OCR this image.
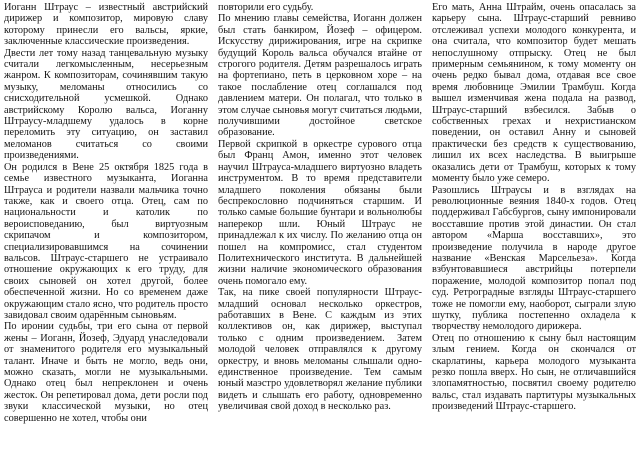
Иоганн Штраус – известный австрийский дирижер и композитор, мировую славу которому принесли его вальсы, яркие, заключенные классические произведения.

Двести лет тому назад танцевальную музыку считали легкомысленным, несерьезным жанром. К композиторам, сочинявшим такую музыку, меломаны относились со снисходительной усмешкой. Однако австрийскому Королю вальса, Иоганну Штраусу-младшему удалось в корне переломить эту ситуацию, он заставил меломанов считаться со своими произведениями.

Он родился в Вене 25 октября 1825 года в семье известного музыканта, Иоганна Штрауса и родители назвали мальчика точно также, как и своего отца. Отец, сам по национальности и католик по вероисповеданию, был виртуозным скрипачом и композитором, специализировавшимся на сочинении вальсов. Штраус-старшего не устраивало отношение окружающих к его труду, для своих сыновей он хотел другой, более обеспеченной жизни. Но со временем даже окружающим стало ясно, что родитель просто завидовал своим одарённым сыновьям.

По иронии судьбы, три его сына от первой жены – Иоганн, Йозеф, Эдуард унаследовали от знаменитого родителя его музыкальный талант. Иначе и быть не могло, ведь они, можно сказать, могли не музыкальными. Однако отец был непреклонен и очень жесток. Он репетировал дома, дети росли под звуки классической музыки, но отец совершенно не хотел, чтобы они

повторили его судьбу.

По мнению главы семейства, Иоганн должен был стать банкиром, Йозеф – офицером. Искусству дирижирования, игре на скрипке будущий Король вальса обучался втайне от строгого родителя. Детям разрешалось играть на фортепиано, петь в церковном хоре – на такое послабление отец соглашался под давлением матери. Он полагал, что только в этом случае сыновья могут считаться людьми, получившими достойное светское образование.

Первой скрипкой в оркестре сурового отца был Франц Амон, именно этот человек научил Штрауса-младшего виртуозно владеть инструментом. В то время представители младшего поколения обязаны были беспрекословно подчиняться старшим. И только самые большие бунтари и вольнолюбы наперекор шли. Юный Штраус не принадлежал к их числу. По желанию отца он пошел на компромисс, стал студентом Политехнического института. В дальнейшей жизни наличие экономического образования очень помогало ему.

Так, на пике своей популярности Штраус-младший основал несколько оркестров, работавших в Вене. С каждым из этих коллективов он, как дирижер, выступал только с одним произведением. Затем молодой человек отправлялся к другому оркестру, и вновь меломаны слышали одно-единственное произведение. Тем самым юный маэстро удовлетворял желание публики видеть и слышать его работу, одновременно увеличивая свой доход в несколько раз.

Его мать, Анна Штрайм, очень опасалась за карьеру сына. Штраус-старший ревниво отслеживал успехи молодого конкурента, и она считала, что композитор будет мешать непослушному отпрыску. Отец не был примерным семьянином, к тому моменту он очень редко бывал дома, отдавая все свое время любовнице Эмилии Трамбуш. Когда вышел изменчивая жена подала на развод, Штраус-старший взбесился. Забыв о собственных грехах и нехристианском поведении, он оставил Анну и сыновей практически без средств к существованию, лишил их всех наследства. В выигрыше оказались дети от Трамбуш, которых к тому моменту было уже семеро.

Разошлись Штраусы и в взглядах на революционные веяния 1840-х годов. Отец поддерживал Габсбургов, сыну импонировали восставшие против этой династии. Он стал автором «Марша восставших», это произведение получила в народе другое название «Венская Марсельеза». Когда взбунтовавшиеся австрийцы потерпели поражение, молодой композитор попал под суд. Ретроградные взгляды Штраус-старшего тоже не помогли ему, наоборот, сыграли злую шутку, публика постепенно охладела к творчеству немолодого дирижера.

Отец по отношению к сыну был настоящим злым гением. Когда он скончался от скарлатины, карьера молодого музыканта резко пошла вверх. Но сын, не отличавшийся злопамятностью, посвятил своему родителю вальс, стал издавать партитуры музыкальных произведений Штраус-старшего.
